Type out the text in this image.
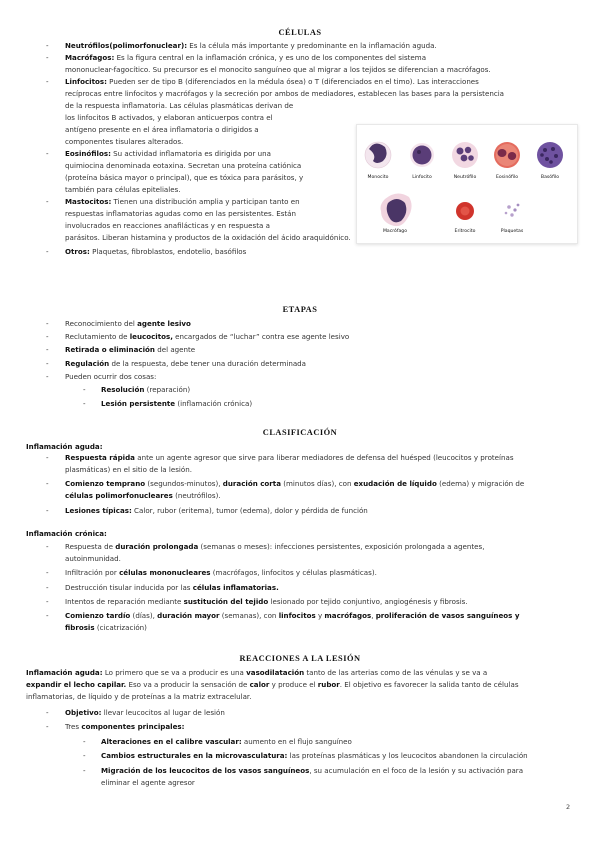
CÉLULAS
- Neutrófilos(polimorfonuclear): Es la célula más importante y predominante en la inflamación aguda.
- Macrófagos: Es la figura central en la inflamación crónica, y es uno de los componentes del sistema
mononuclear-fagocítico. Su precursor es el monocito sanguíneo que al migrar a los tejidos se diferencian a macrófagos.
- Linfocitos: Pueden ser de tipo B (diferenciados en la médula ósea) o T (diferenciados en el timo). Las interacciones
recíprocas entre linfocitos y macrófagos y la secreción por ambos de mediadores, establecen las bases para la persistencia
de la respuesta inflamatoria. Las células plasmáticas derivan de
los linfocitos B activados, y elaboran anticuerpos contra el
antígeno presente en el área inflamatoria o dirigidos a
componentes tisulares alterados.
- Eosinófilos: Su actividad inflamatoria es dirigida por una
quimiocina denominada eotaxina. Secretan una proteína catiónica
(proteína básica mayor o principal), que es tóxica para parásitos, y
también para células epiteliales.
- Mastocitos: Tienen una distribución amplia y participan tanto en
respuestas inflamatorias agudas como en las persistentes. Están
involucrados en reacciones anafilácticas y en respuesta a
parásitos. Liberan histamina y productos de la oxidación del ácido araquidónico.
- Otros: Plaquetas, fibroblastos, endotelio, basófilos
Monocito	Linfocito	Neutrófilo	Eosinófilo	Basófilo
Macrófago	Eritrocito	Plaquetas
ETAPAS
- Reconocimiento del agente lesivo
- Reclutamiento de leucocitos, encargados de “luchar” contra ese agente lesivo
- Retirada o eliminación del agente
- Regulación de la respuesta, debe tener una duración determinada
- Pueden ocurrir dos cosas:
- Resolución (reparación)
- Lesión persistente (inflamación crónica)
CLASIFICACIÓN
Inflamación aguda:
- Respuesta rápida ante un agente agresor que sirve para liberar mediadores de defensa del huésped (leucocitos y proteínas
plasmáticas) en el sitio de la lesión.
- Comienzo temprano (segundos-minutos), duración corta (minutos días), con exudación de líquido (edema) y migración de
células polimorfonucleares (neutrófilos).
- Lesiones típicas: Calor, rubor (eritema), tumor (edema), dolor y pérdida de función
Inflamación crónica:
- Respuesta de duración prolongada (semanas o meses): infecciones persistentes, exposición prolongada a agentes,
autoinmunidad.
- Infiltración por células mononucleares (macrófagos, linfocitos y células plasmáticas).
- Destrucción tisular inducida por las células inflamatorias.
- Intentos de reparación mediante sustitución del tejido lesionado por tejido conjuntivo, angiogénesis y fibrosis.
- Comienzo tardío (días), duración mayor (semanas), con linfocitos y macrófagos, proliferación de vasos sanguíneos y
fibrosis (cicatrización)
REACCIONES A LA LESIÓN
Inflamación aguda: Lo primero que se va a producir es una vasodilatación tanto de las arterias como de las vénulas y se va a
expandir el lecho capilar. Eso va a producir la sensación de calor y produce el rubor. El objetivo es favorecer la salida tanto de células
inflamatorias, de líquido y de proteínas a la matriz extracelular.
- Objetivo: llevar leucocitos al lugar de lesión
- Tres componentes principales:
- Alteraciones en el calibre vascular: aumento en el flujo sanguíneo
- Cambios estructurales en la microvasculatura: las proteínas plasmáticas y los leucocitos abandonen la circulación
- Migración de los leucocitos de los vasos sanguíneos, su acumulación en el foco de la lesión y su activación para
eliminar el agente agresor
2
